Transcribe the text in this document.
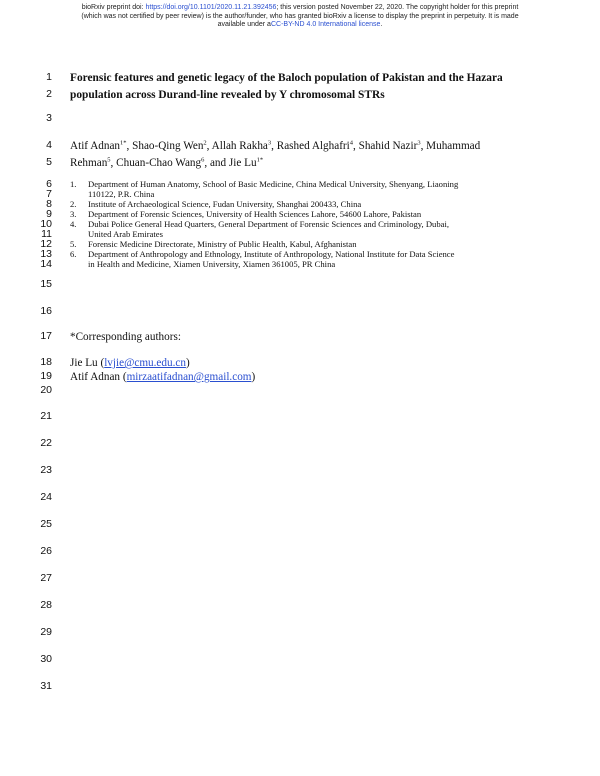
bioRxiv preprint doi: https://doi.org/10.1101/2020.11.21.392456; this version posted November 22, 2020. The copyright holder for this preprint
(which was not certified by peer review) is the author/funder, who has granted bioRxiv a license to display the preprint in perpetuity. It is made
available under aCC-BY-ND 4.0 International license.
1
2
3
4
5
6
7
8
9
10
11
12
13
14
15
16
17
18
19
20
21
22
23
24
25
26
27
28
29
30
31
Forensic features and genetic legacy of the Baloch population of Pakistan and the Hazara
population across Durand-line revealed by Y chromosomal STRs
Atif Adnan$^{1*}$, Shao-Qing Wen$^2$, Allah Rakha$^3$, Rashed Alghafri$^4$, Shahid Nazir$^3$, Muhammad Rehman$^5$, Chuan-Chao Wang$^6$, and Jie $Lu^{1*}$
1.	Department of Human Anatomy, School of Basic Medicine, China Medical University, Shenyang, Liaoning
110122, P.R. China
2.	Institute of Archaeological Science, Fudan University, Shanghai 200433, China
3.	Department of Forensic Sciences, University of Health Sciences Lahore, 54600 Lahore, Pakistan
4.	Dubai Police General Head Quarters, General Department of Forensic Sciences and Criminology, Dubai,
United Arab Emirates
5.	Forensic Medicine Directorate, Ministry of Public Health, Kabul, Afghanistan
6.	Department of Anthropology and Ethnology, Institute of Anthropology, National Institute for Data Science
in Health and Medicine, Xiamen University, Xiamen 361005, PR China
*Corresponding authors:
Jie Lu (lvjie@cmu.edu.cn)
Atif Adnan (mirzaatifadnan@gmail.com)
